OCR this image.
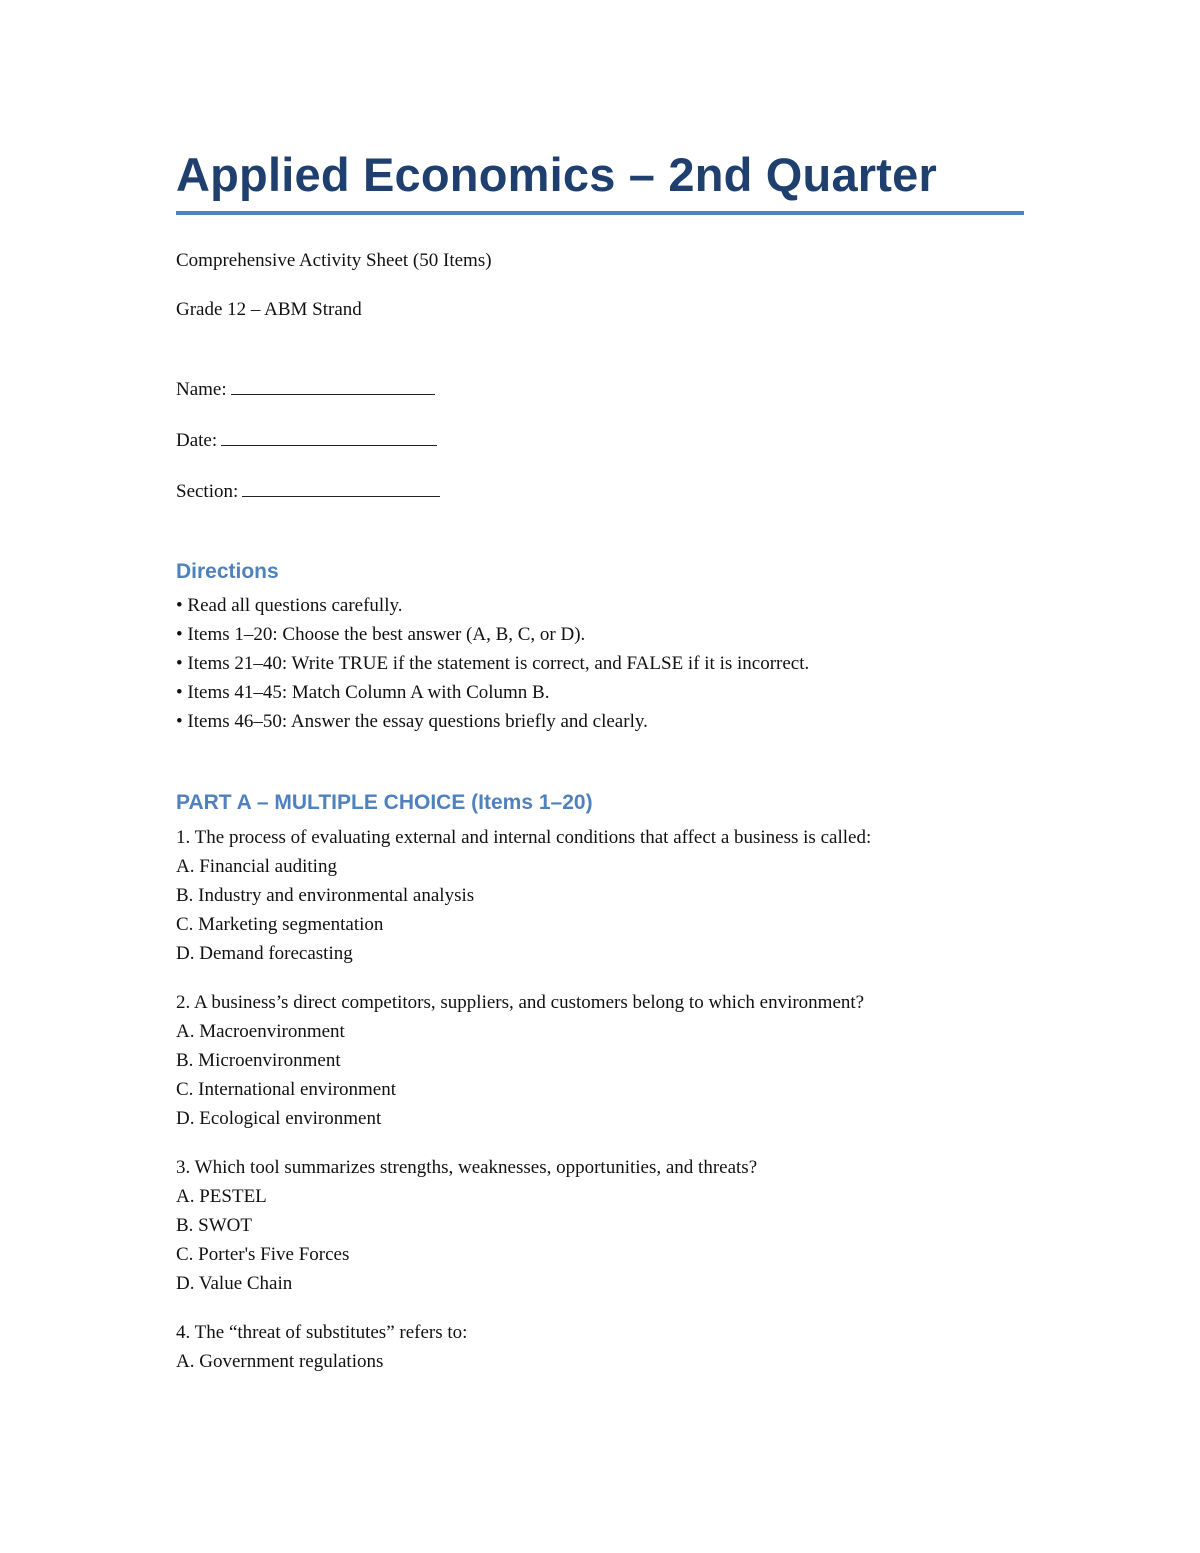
Applied Economics – 2nd Quarter

Comprehensive Activity Sheet (50 Items)

Grade 12 – ABM Strand

Name:

Date:

Section:

Directions
• Read all questions carefully.
• Items 1–20: Choose the best answer (A, B, C, or D).
• Items 21–40: Write TRUE if the statement is correct, and FALSE if it is incorrect.
• Items 41–45: Match Column A with Column B.
• Items 46–50: Answer the essay questions briefly and clearly.
PART A – MULTIPLE CHOICE (Items 1–20)

1. The process of evaluating external and internal conditions that affect a business is called:

A. Financial auditing

B. Industry and environmental analysis

C. Marketing segmentation

D. Demand forecasting

2. A business’s direct competitors, suppliers, and customers belong to which environment?

A. Macroenvironment

B. Microenvironment

C. International environment

D. Ecological environment

3. Which tool summarizes strengths, weaknesses, opportunities, and threats?

A. PESTEL

B. SWOT

C. Porter's Five Forces

D. Value Chain

4. The “threat of substitutes” refers to:

A. Government regulations
